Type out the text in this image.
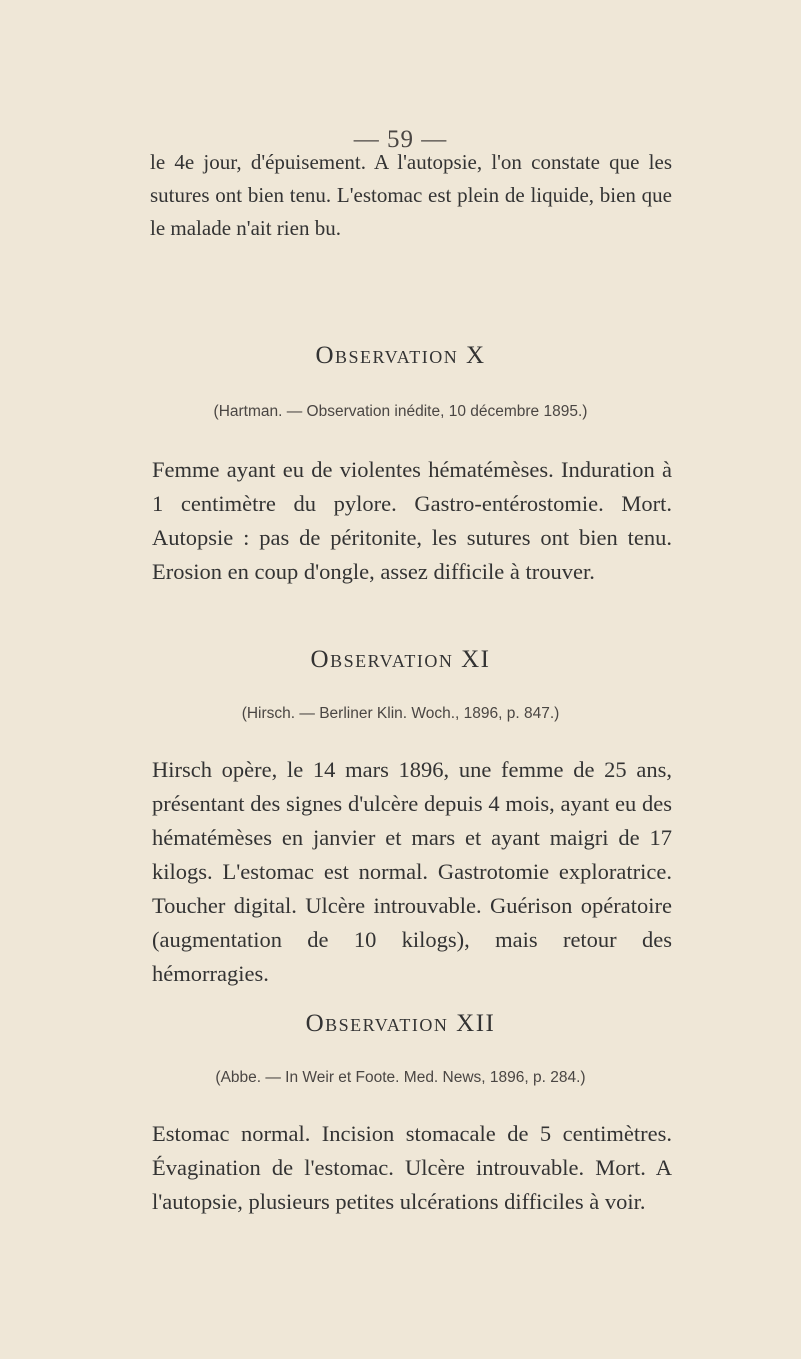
— 59 —

le 4e jour, d'épuisement. A l'autopsie, l'on constate que les sutures ont bien tenu. L'estomac est plein de liquide, bien que le malade n'ait rien bu.

Observation X
(Hartman. — Observation inédite, 10 décembre 1895.)

Femme ayant eu de violentes hématémèses. Induration à 1 centimètre du pylore. Gastro-entérostomie. Mort. Autopsie : pas de péritonite, les sutures ont bien tenu. Erosion en coup d'ongle, assez difficile à trouver.

Observation XI
(Hirsch. — Berliner Klin. Woch., 1896, p. 847.)

Hirsch opère, le 14 mars 1896, une femme de 25 ans, présentant des signes d'ulcère depuis 4 mois, ayant eu des hématémèses en janvier et mars et ayant maigri de 17 kilogs. L'estomac est normal. Gastrotomie exploratrice. Toucher digital. Ulcère introuvable. Guérison opératoire (augmentation de 10 kilogs), mais retour des hémorragies.

Observation XII
(Abbe. — In Weir et Foote. Med. News, 1896, p. 284.)

Estomac normal. Incision stomacale de 5 centimètres. Évagination de l'estomac. Ulcère introuvable. Mort. A l'autopsie, plusieurs petites ulcérations difficiles à voir.
